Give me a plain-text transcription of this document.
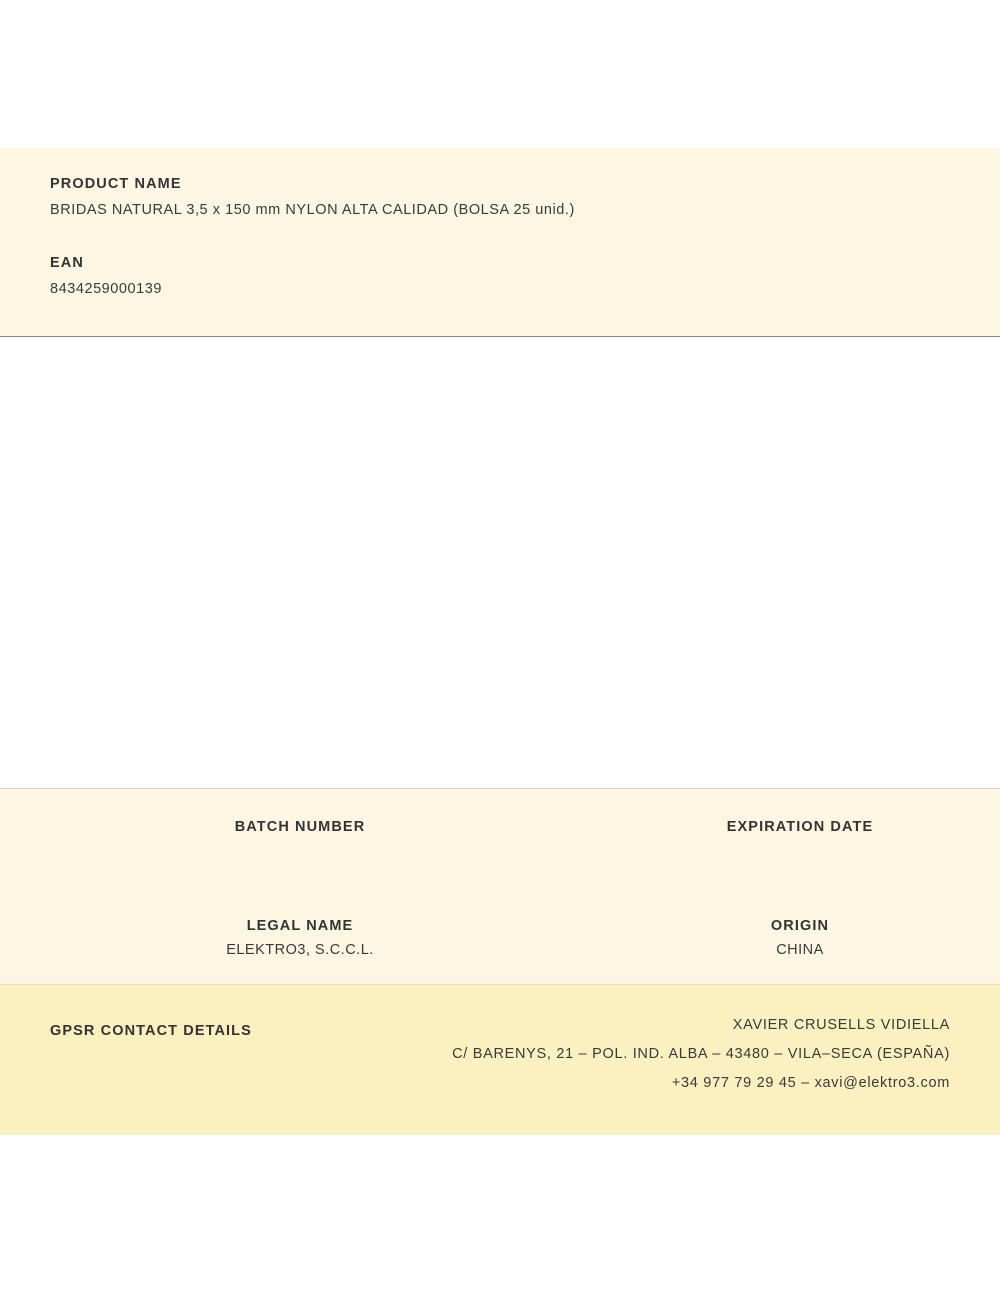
PRODUCT NAME

BRIDAS NATURAL 3,5 x 150 mm NYLON ALTA CALIDAD (BOLSA 25 unid.)

EAN

8434259000139

BATCH NUMBER	EXPIRATION DATE

LEGAL NAME

ELEKTRO3, S.C.C.L.

ORIGIN

CHINA

GPSR CONTACT DETAILS	XAVIER CRUSELLS VIDIELLA
C/ BARENYS, 21 – POL. IND. ALBA – 43480 – VILA–SECA (ESPAÑA)
+34 977 79 29 45 – xavi@elektro3.com
